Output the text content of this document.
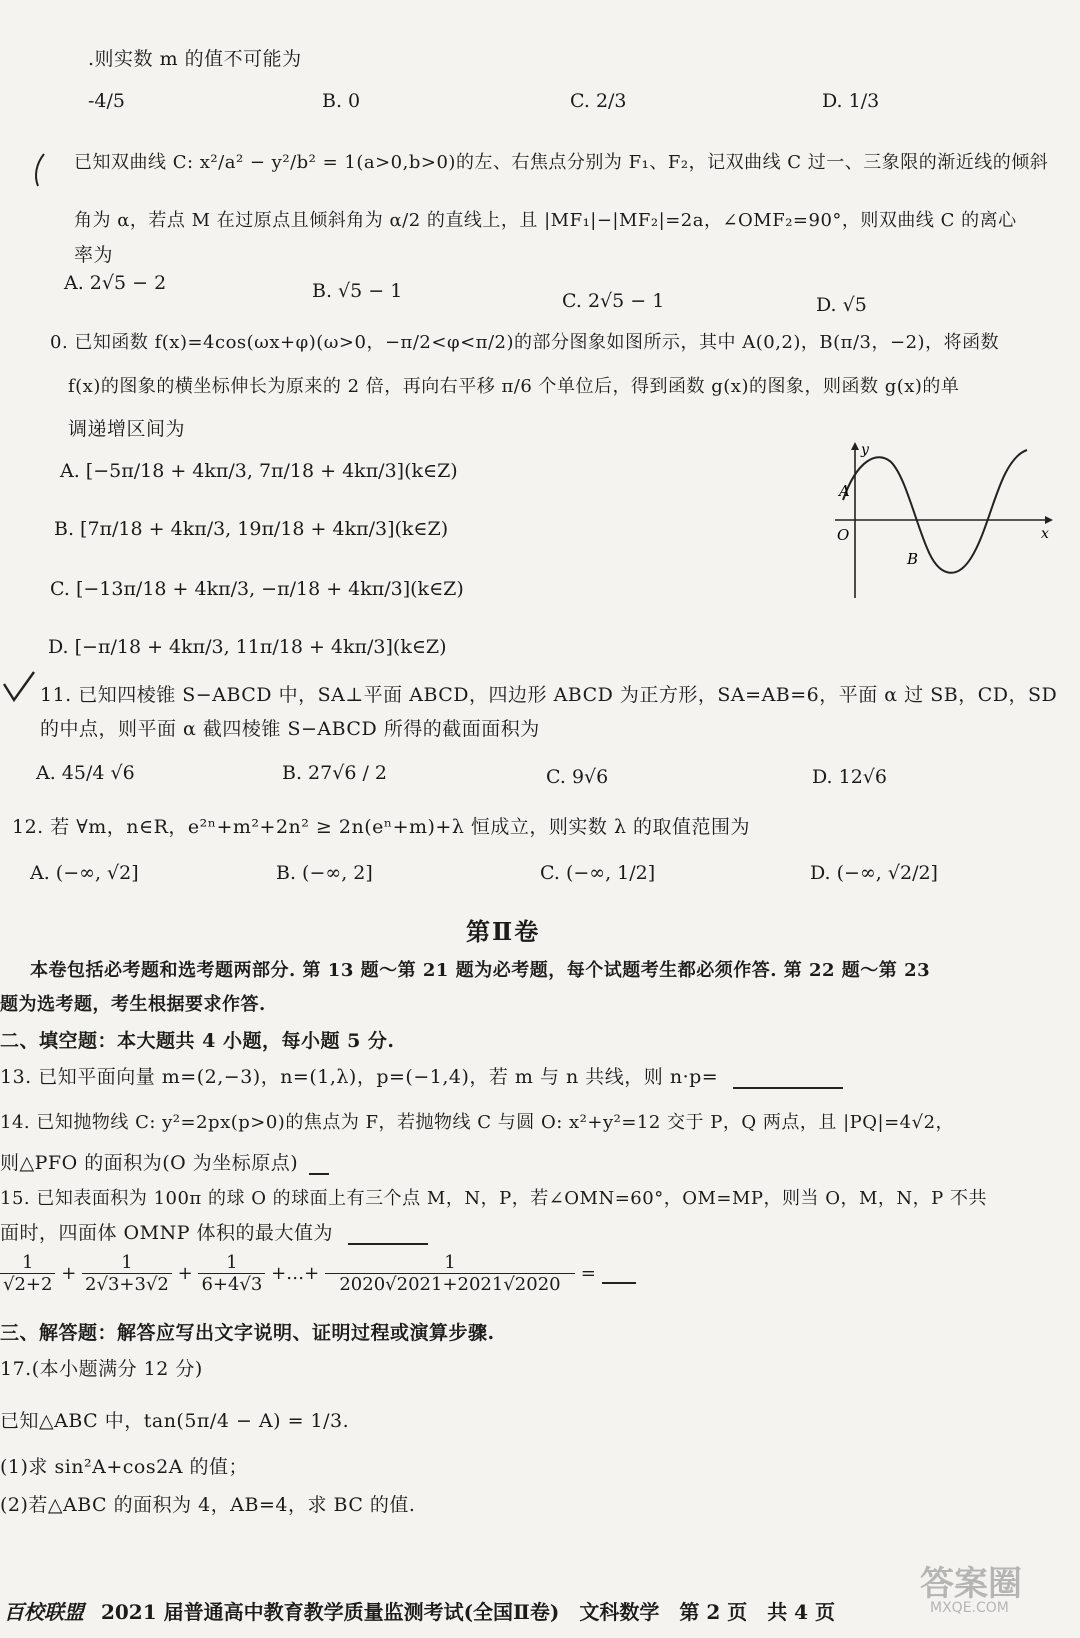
.则实数 m 的值不可能为
-4/5	B. 0	C. 2/3	D. 1/3
已知双曲线 C: x²/a² − y²/b² = 1(a>0,b>0)的左、右焦点分别为 F₁、F₂，记双曲线 C 过一、三象限的渐近线的倾斜
角为 α，若点 M 在过原点且倾斜角为 α/2 的直线上，且 |MF₁|−|MF₂|=2a，∠OMF₂=90°，则双曲线 C 的离心
率为
A. 2√5 − 2	B. √5 − 1	C. 2√5 − 1	D. √5
0. 已知函数 f(x)=4cos(ωx+φ)(ω>0，−π/2<φ<π/2)的部分图象如图所示，其中 A(0,2)，B(π/3，−2)，将函数
f(x)的图象的横坐标伸长为原来的 2 倍，再向右平移 π/6 个单位后，得到函数 g(x)的图象，则函数 g(x)的单
调递增区间为
A. [−5π/18 + 4kπ/3, 7π/18 + 4kπ/3](k∈Z)
B. [7π/18 + 4kπ/3, 19π/18 + 4kπ/3](k∈Z)
C. [−13π/18 + 4kπ/3, −π/18 + 4kπ/3](k∈Z)
D. [−π/18 + 4kπ/3, 11π/18 + 4kπ/3](k∈Z)
y
x
O
A
B
11. 已知四棱锥 S−ABCD 中，SA⊥平面 ABCD，四边形 ABCD 为正方形，SA=AB=6，平面 α 过 SB，CD，SD
的中点，则平面 α 截四棱锥 S−ABCD 所得的截面面积为
A. 45/4 √6	B. 27√6 / 2	C. 9√6	D. 12√6
12. 若 ∀m，n∈R，e²ⁿ+m²+2n² ≥ 2n(eⁿ+m)+λ 恒成立，则实数 λ 的取值范围为
A. (−∞, √2]	B. (−∞, 2]	C. (−∞, 1/2]	D. (−∞, √2/2]
第Ⅱ卷
本卷包括必考题和选考题两部分. 第 13 题～第 21 题为必考题，每个试题考生都必须作答. 第 22 题～第 23
题为选考题，考生根据要求作答.
二、填空题：本大题共 4 小题，每小题 5 分.
13. 已知平面向量 m=(2,−3)，n=(1,λ)，p=(−1,4)，若 m 与 n 共线，则 n·p=
14. 已知抛物线 C: y²=2px(p>0)的焦点为 F，若抛物线 C 与圆 O: x²+y²=12 交于 P，Q 两点，且 |PQ|=4√2，
则△PFO 的面积为(O 为坐标原点)
15. 已知表面积为 100π 的球 O 的球面上有三个点 M，N，P，若∠OMN=60°，OM=MP，则当 O，M，N，P 不共
面时，四面体 OMNP 体积的最大值为
$\frac{1}{√2+2} + \frac{1}{2√3+3√2} + \frac{1}{6+4√3}$ +…+ $\frac{1}{2020√2021+2021√2020}$ =
三、解答题：解答应写出文字说明、证明过程或演算步骤.
17.(本小题满分 12 分)
已知△ABC 中，tan(5π/4 − A) = 1/3.
(1)求 sin²A+cos2A 的值；
(2)若△ABC 的面积为 4，AB=4，求 BC 的值.
百校联盟 2021 届普通高中教育教学质量监测考试(全国Ⅱ卷)　文科数学　第 2 页　共 4 页
答案圈
MXQE.COM
